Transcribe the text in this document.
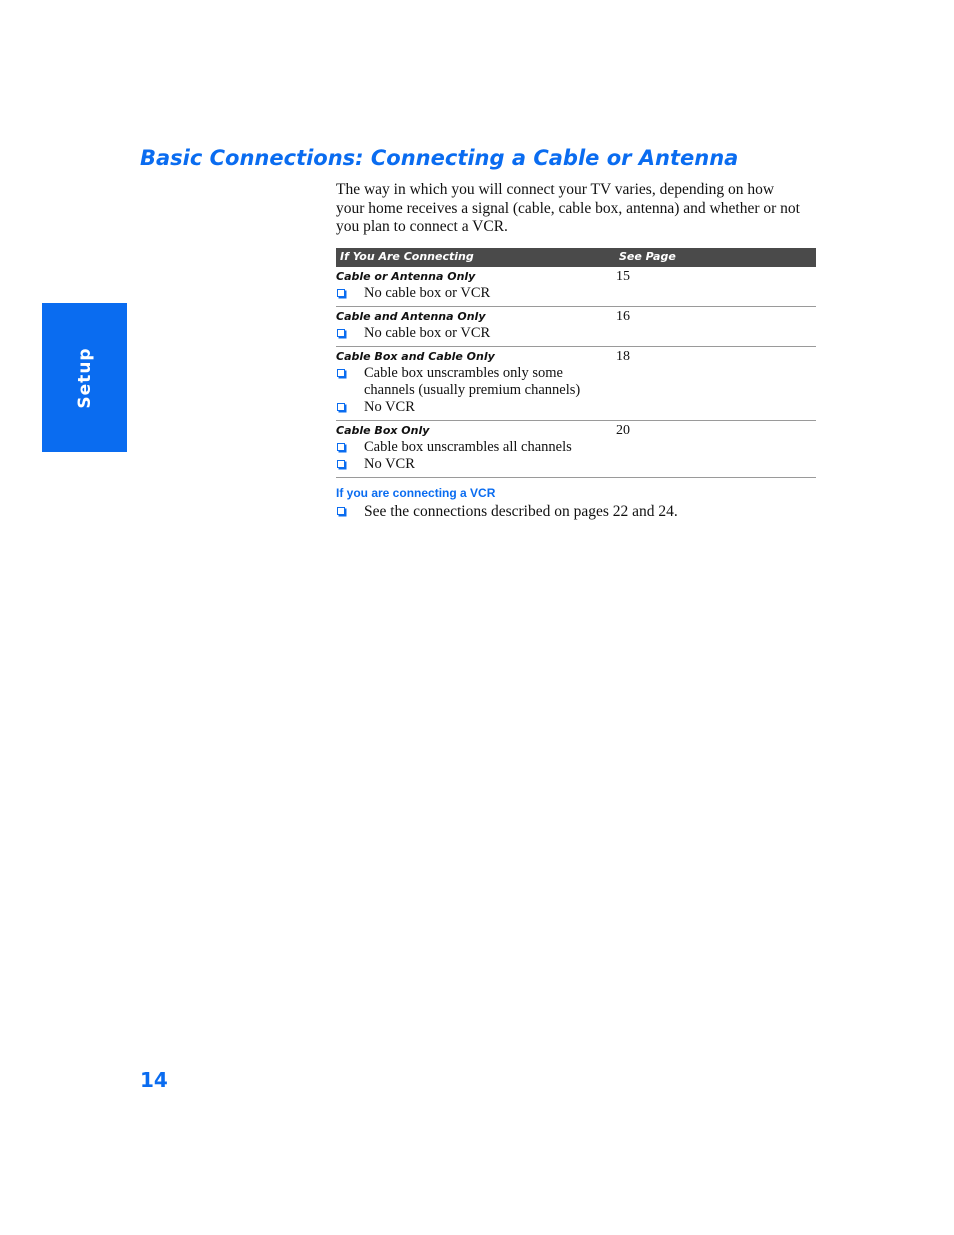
Setup
Basic Connections: Connecting a Cable or Antenna

The way in which you will connect your TV varies, depending on how your home receives a signal (cable, cable box, antenna) and whether or not you plan to connect a VCR.

If You Are Connecting	See Page
Cable or Antenna Only	15
No cable box or VCR
Cable and Antenna Only	16
No cable box or VCR
Cable Box and Cable Only	18
Cable box unscrambles only some channels (usually premium channels)
No VCR
Cable Box Only	20
Cable box unscrambles all channels
No VCR
If you are connecting a VCR
See the connections described on pages 22 and 24.
14
